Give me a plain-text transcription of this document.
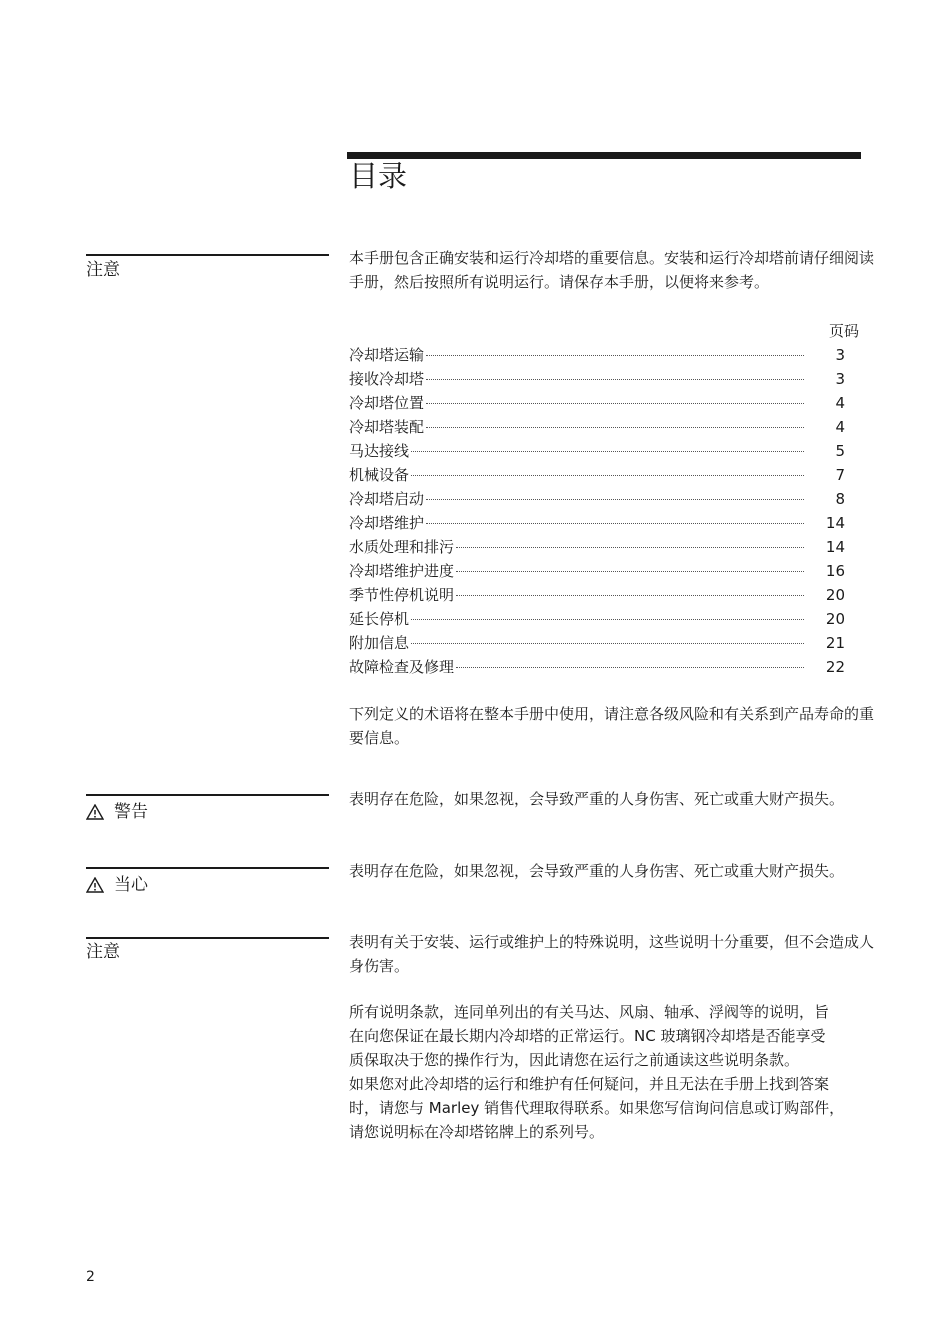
目录
注意
本手册包含正确安装和运行冷却塔的重要信息。安装和运行冷却塔前请仔细阅读手册，然后按照所有说明运行。请保存本手册，以便将来参考。
页码
冷却塔运输	3
接收冷却塔	3
冷却塔位置	4
冷却塔装配	4
马达接线	5
机械设备	7
冷却塔启动	8
冷却塔维护	14
水质处理和排污	14
冷却塔维护进度	16
季节性停机说明	20
延长停机	20
附加信息	21
故障检查及修理	22
下列定义的术语将在整本手册中使用，请注意各级风险和有关系到产品寿命的重要信息。
警告
表明存在危险，如果忽视，会导致严重的人身伤害、死亡或重大财产损失。
当心
表明存在危险，如果忽视，会导致严重的人身伤害、死亡或重大财产损失。
注意	表明有关于安装、运行或维护上的特殊说明，这些说明十分重要，但不会造成人身伤害。
所有说明条款，连同单列出的有关马达、风扇、轴承、浮阀等的说明，旨
在向您保证在最长期内冷却塔的正常运行。NC 玻璃钢冷却塔是否能享受
质保取决于您的操作行为，因此请您在运行之前通读这些说明条款。
如果您对此冷却塔的运行和维护有任何疑问，并且无法在手册上找到答案
时，请您与 Marley 销售代理取得联系。如果您写信询问信息或订购部件，
请您说明标在冷却塔铭牌上的系列号。
2
